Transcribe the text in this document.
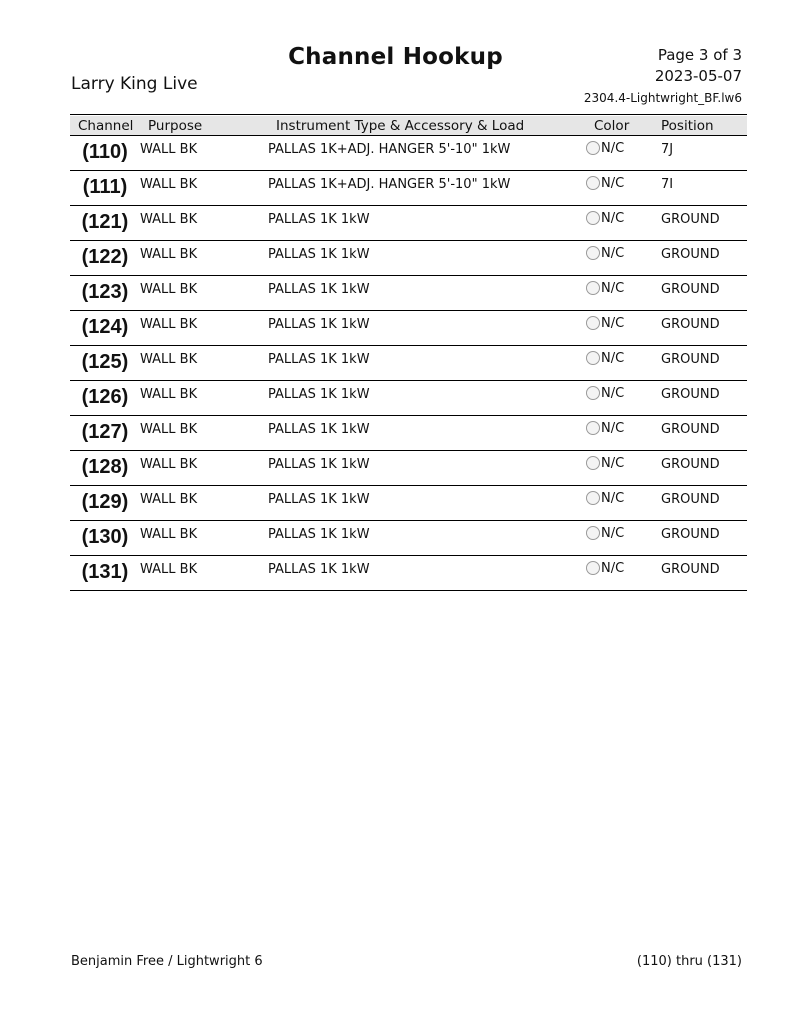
Channel Hookup
Larry King Live
Page 3 of 3
2023-05-07
2304.4-Lightwright_BF.lw6
Channel	Purpose	Instrument Type & Accessory & Load	Color	Position
(110)	WALL BK	PALLAS 1K+ADJ. HANGER 5'-10" 1kW	N/C	7J
(111)	WALL BK	PALLAS 1K+ADJ. HANGER 5'-10" 1kW	N/C	7I
(121)	WALL BK	PALLAS 1K 1kW	N/C	GROUND
(122)	WALL BK	PALLAS 1K 1kW	N/C	GROUND
(123)	WALL BK	PALLAS 1K 1kW	N/C	GROUND
(124)	WALL BK	PALLAS 1K 1kW	N/C	GROUND
(125)	WALL BK	PALLAS 1K 1kW	N/C	GROUND
(126)	WALL BK	PALLAS 1K 1kW	N/C	GROUND
(127)	WALL BK	PALLAS 1K 1kW	N/C	GROUND
(128)	WALL BK	PALLAS 1K 1kW	N/C	GROUND
(129)	WALL BK	PALLAS 1K 1kW	N/C	GROUND
(130)	WALL BK	PALLAS 1K 1kW	N/C	GROUND
(131)	WALL BK	PALLAS 1K 1kW	N/C	GROUND
Benjamin Free / Lightwright 6	(110) thru (131)
